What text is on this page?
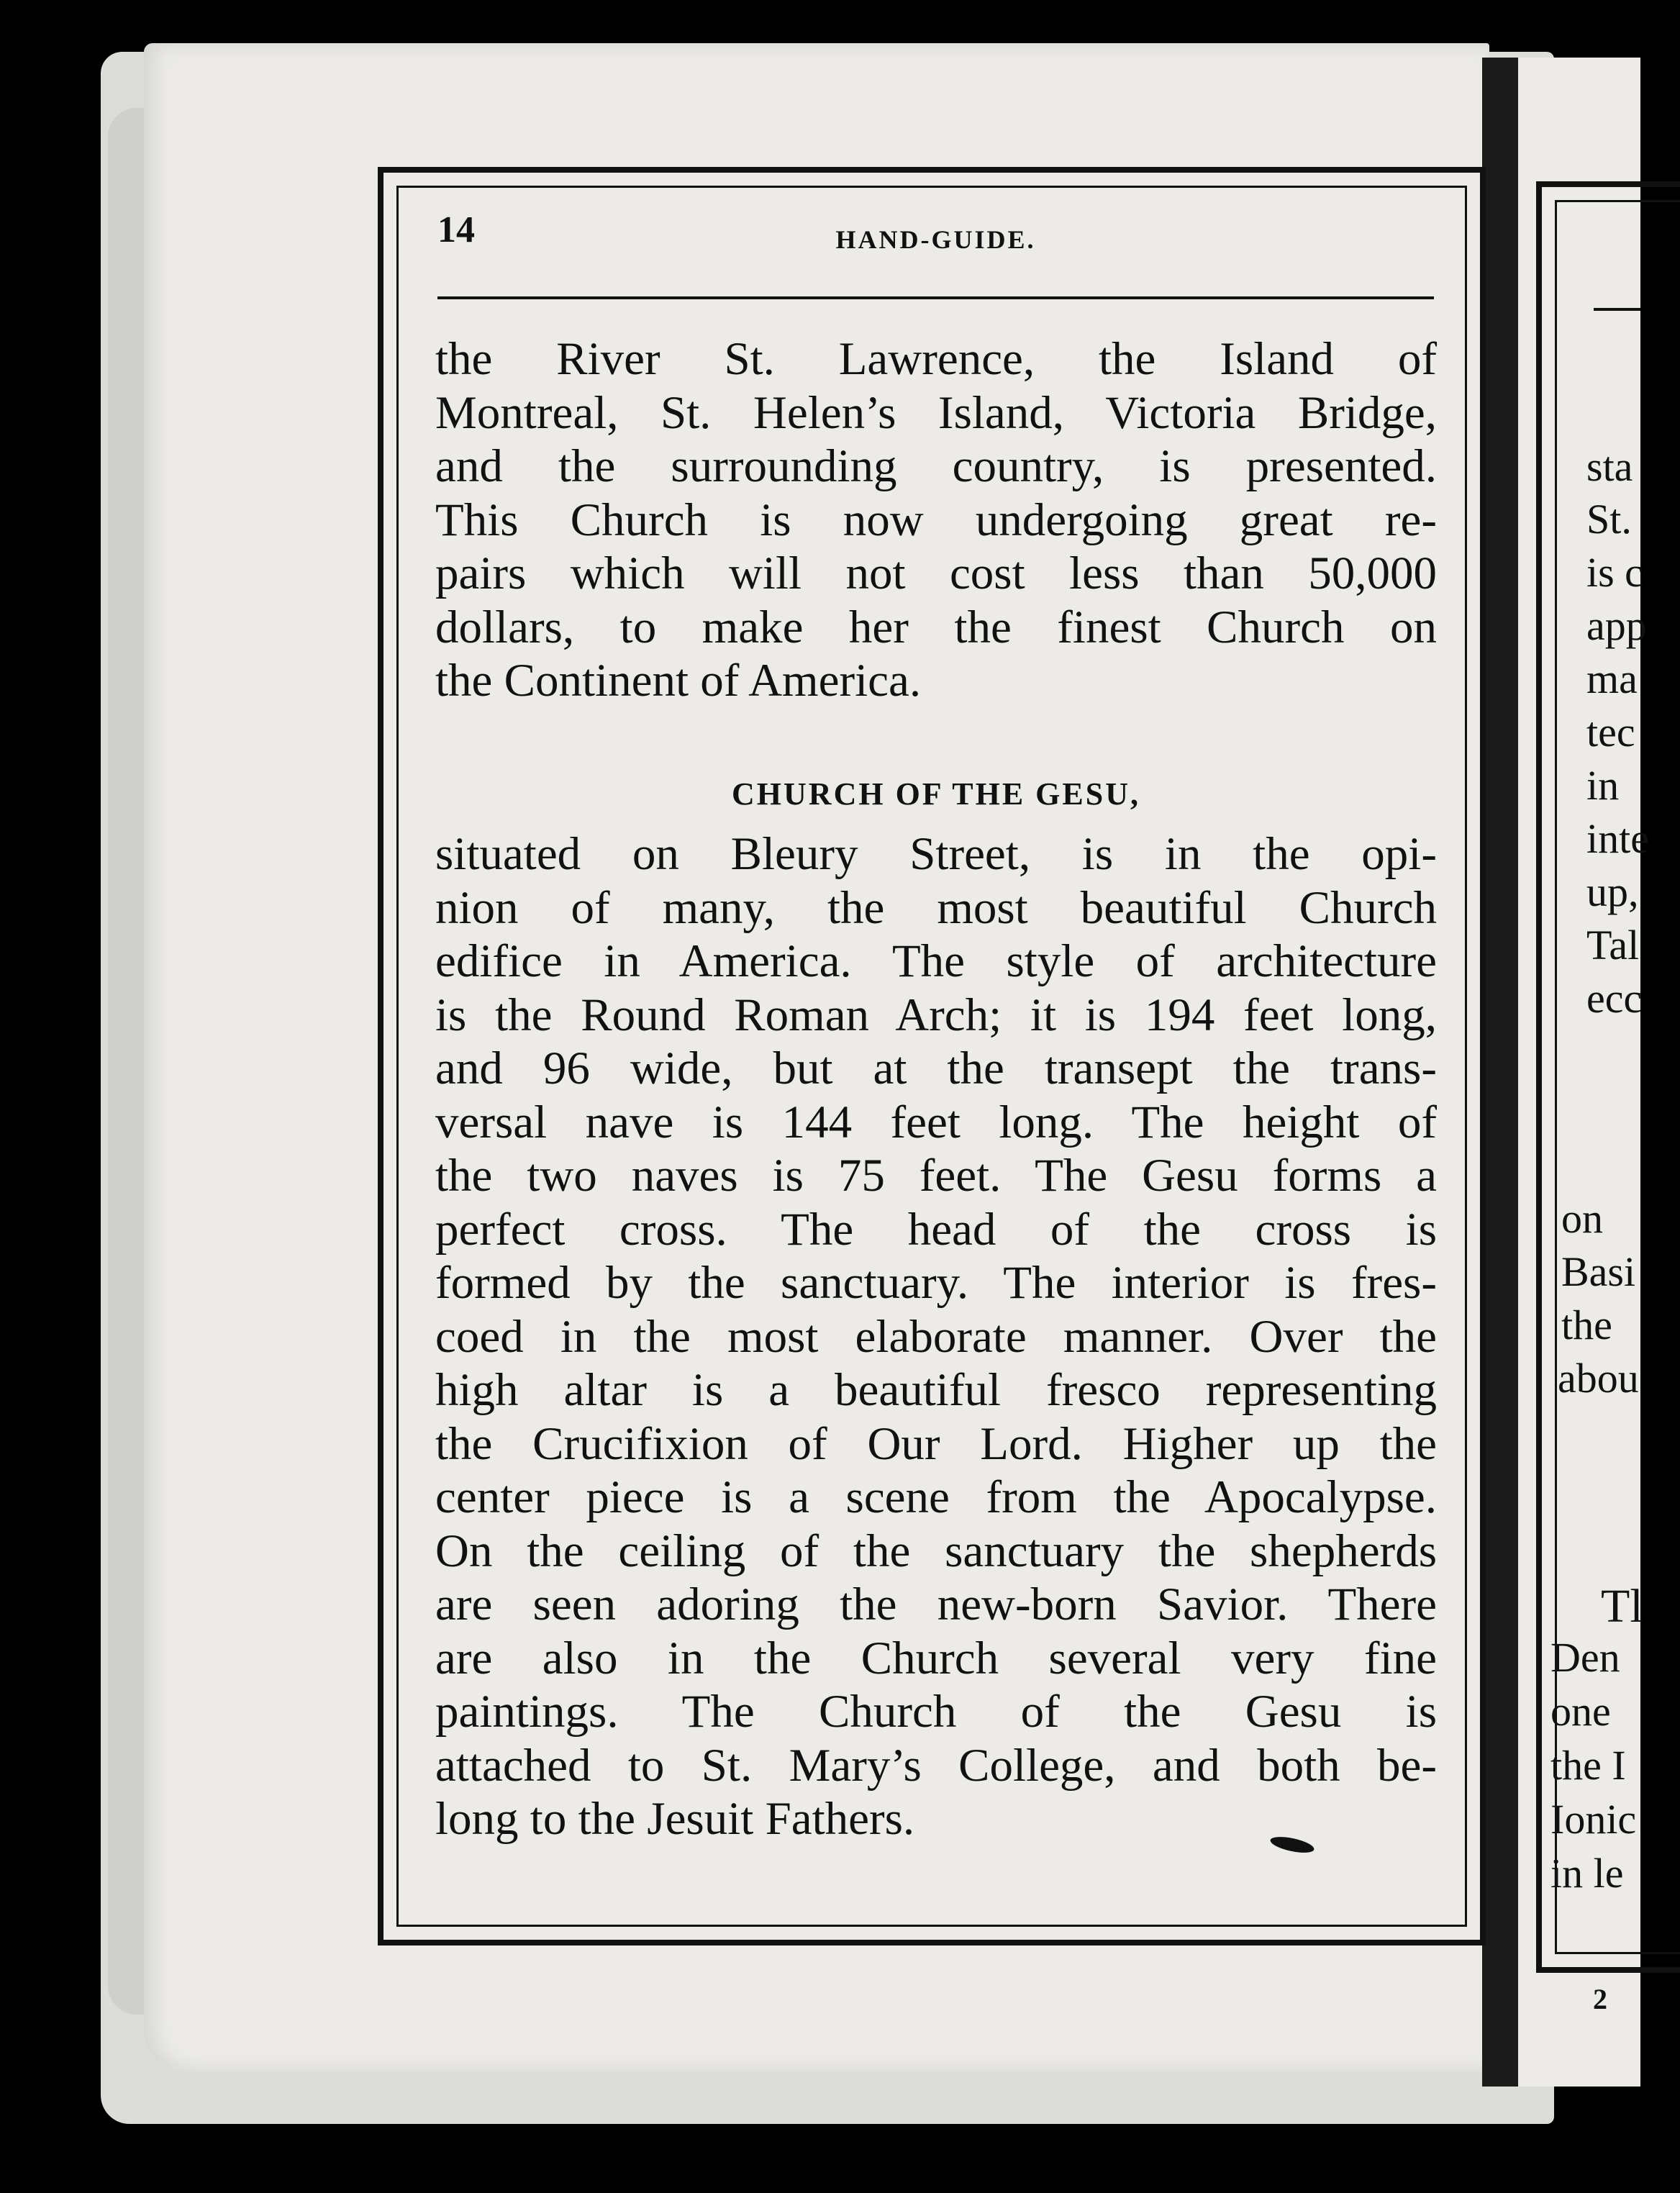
14	HAND-GUIDE.
the River St. Lawrence, the Island of
Montreal, St. Helen’s Island, Victoria Bridge,
and the surrounding country, is presented.
This Church is now undergoing great re-
pairs which will not cost less than 50,000
dollars, to make her the finest Church on
the Continent of America.
CHURCH OF THE GESU,
situated on Bleury Street, is in the opi-
nion of many, the most beautiful Church
edifice in America. The style of architecture
is the Round Roman Arch; it is 194 feet long,
and 96 wide, but at the transept the trans-
versal nave is 144 feet long. The height of
the two naves is 75 feet. The Gesu forms a
perfect cross. The head of the cross is
formed by the sanctuary. The interior is fres-
coed in the most elaborate manner. Over the
high altar is a beautiful fresco representing
the Crucifixion of Our Lord. Higher up the
center piece is a scene from the Apocalypse.
On the ceiling of the sanctuary the shepherds
are seen adoring the new-born Savior. There
are also in the Church several very fine
paintings. The Church of the Gesu is
attached to St. Mary’s College, and both be-
long to the Jesuit Fathers.
sta
St.
is c
app
ma
tec
in
inte
up,
Tal
ecc
on
Basi
the
abou
Tl
Den
one
the I
Ionic
in le
2
